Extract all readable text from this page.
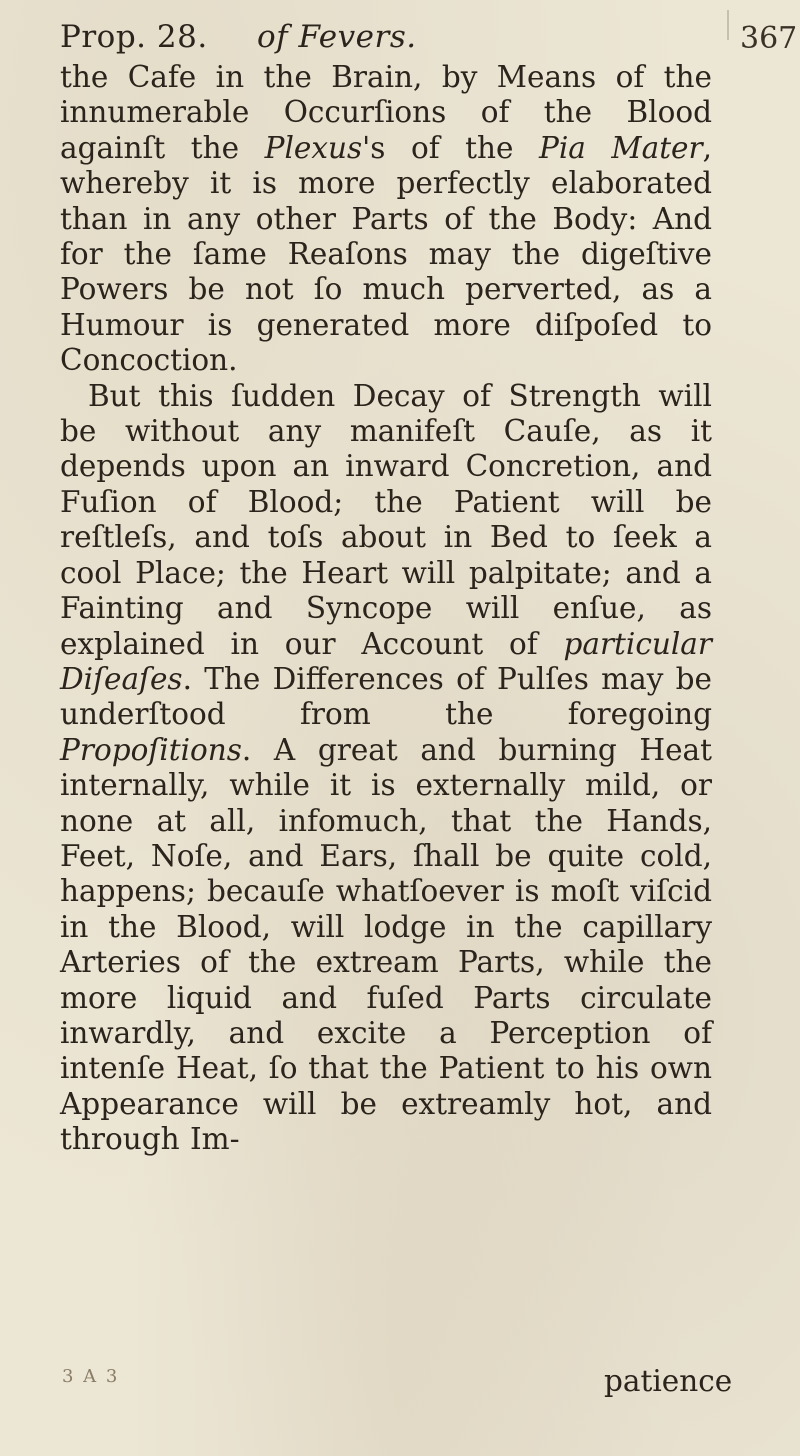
Prop. 28. of Fevers.	367

the Cafe in the Brain, by Means of the innumerable Occurſions of the Blood againſt the Plexus's of the Pia Mater, whereby it is more perfectly elaborated than in any other Parts of the Body: And for the ſame Reaſons may the digeſtive Powers be not ſo much perverted, as a Humour is generated more diſpoſed to Concoction.

But this ſudden Decay of Strength will be without any manifeſt Cauſe, as it depends upon an inward Concretion, and Fuſion of Blood; the Patient will be reſtleſs, and toſs about in Bed to ſeek a cool Place; the Heart will palpitate; and a Fainting and Syncope will enſue, as explained in our Account of particular Diſeaſes. The Differences of Pulſes may be underſtood from the foregoing Propoſitions. A great and burning Heat internally, while it is externally mild, or none at all, infomuch, that the Hands, Feet, Noſe, and Ears, ſhall be quite cold, happens; becauſe whatſoever is moſt viſcid in the Blood, will lodge in the capillary Arteries of the extream Parts, while the more liquid and fuſed Parts circulate inwardly, and excite a Perception of intenſe Heat, ſo that the Patient to his own Appearance will be extreamly hot, and through Im-

patience
3 A 3
